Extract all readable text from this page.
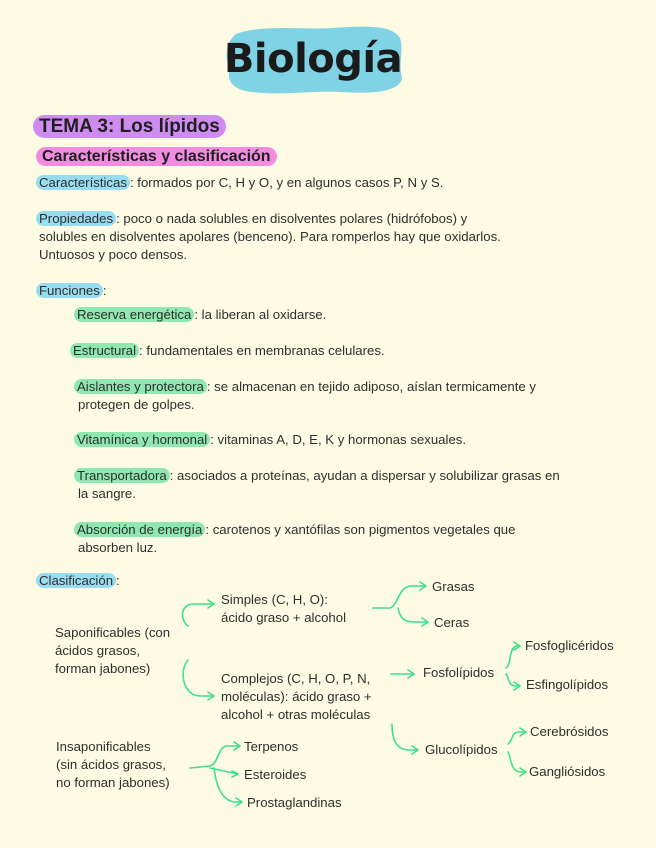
Biología
TEMA 3: Los lípidos
Características y clasificación
Características : formados por C, H y O, y en algunos casos P, N y S.
Propiedades : poco o nada solubles en disolventes polares (hidrófobos) y
solubles en disolventes apolares (benceno). Para romperlos hay que oxidarlos.
Untuosos y poco densos.
Funciones :
Reserva energética : la liberan al oxidarse.
Estructural : fundamentales en membranas celulares.
Aislantes y protectora : se almacenan en tejido adiposo, aíslan termicamente y
protegen de golpes.
Vitamínica y hormonal : vitaminas A, D, E, K y hormonas sexuales.
Transportadora : asociados a proteínas, ayudan a dispersar y solubilizar grasas en
la sangre.
Absorción de energía : carotenos y xantófilas son pigmentos vegetales que
absorben luz.
Clasificación :
Saponificables (con
ácidos grasos,
forman jabones)
Simples (C, H, O):
ácido graso + alcohol
Grasas
Ceras
Complejos (C, H, O, P, N,
moléculas): ácido graso +
alcohol + otras moléculas
Fosfolípidos
Fosfoglicéridos
Esfingolípidos
Glucolípidos
Cerebrósidos
Gangliósidos
Insaponificables
(sin ácidos grasos,
no forman jabones)
Terpenos
Esteroides
Prostaglandinas
